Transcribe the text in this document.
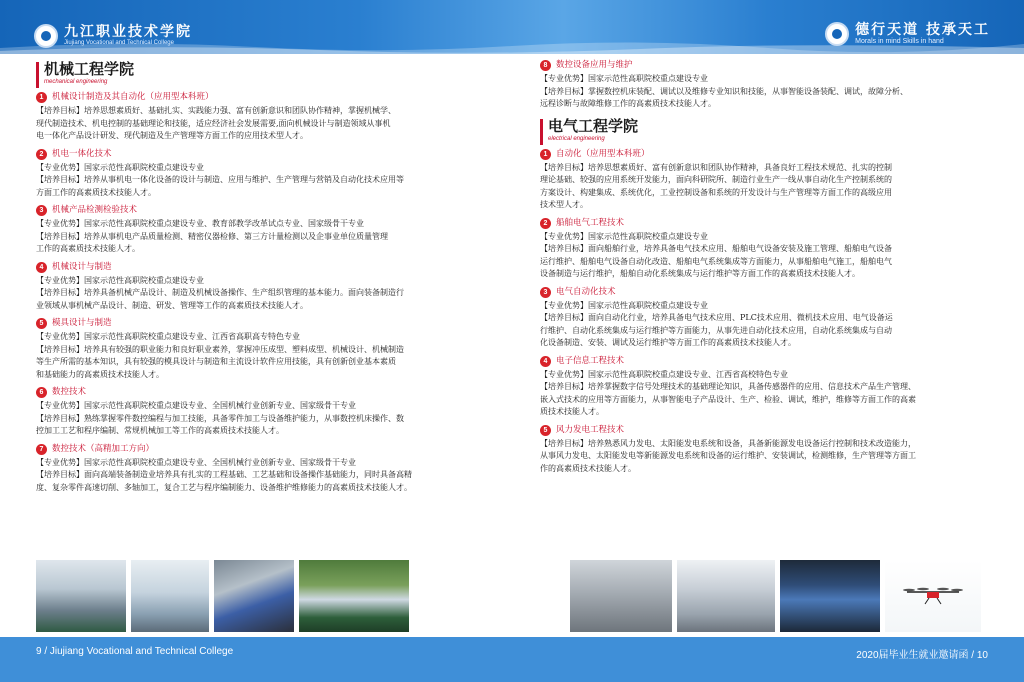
九江职业技术学院
Jiujiang Vocational and Technical College
德行天道 技承天工
Morals in mind Skills in hand
机械工程学院
mechanical engineering
1	机械设计制造及其自动化（应用型本科班）
【培养目标】培养思想素质好、基础扎实、实践能力强、富有创新意识和团队协作精神，掌握机械学、
现代制造技术、机电控制的基础理论和技能，适应经济社会发展需要,面向机械设计与制造领域从事机
电一体化产品设计研发、现代制造及生产管理等方面工作的应用技术型人才。
2	机电一体化技术
【专业优势】国家示范性高职院校重点建设专业
【培养目标】培养从事机电一体化设备的设计与制造、应用与维护、生产管理与营销及自动化技术应用等
方面工作的高素质技术技能人才。
3	机械产品检测检验技术
【专业优势】国家示范性高职院校重点建设专业、教育部教学改革试点专业、国家级骨干专业
【培养目标】培养从事机电产品质量检测、精密仪器检修、第三方计量检测以及企事业单位质量管理
工作的高素质技术技能人才。
4	机械设计与制造
【专业优势】国家示范性高职院校重点建设专业
【培养目标】培养具备机械产品设计、制造及机械设备操作、生产组织管理的基本能力。面向装备制造行
业领域从事机械产品设计、制造、研发、管理等工作的高素质技术技能人才。
5	模具设计与制造
【专业优势】国家示范性高职院校重点建设专业、江西省高职高专特色专业
【培养目标】培养具有较强的职业能力和良好职业素养，掌握冲压成型、塑料成型、机械设计、机械制造
等生产所需的基本知识，具有较强的模具设计与制造和主流设计软件应用技能，具有创新创业基本素质
和基础能力的高素质技术技能人才。
6	数控技术
【专业优势】国家示范性高职院校重点建设专业、全国机械行业创新专业、国家级骨干专业
【培养目标】熟练掌握零件数控编程与加工技能，具备零件加工与设备维护能力，从事数控机床操作、数
控加工工艺和程序编制、常规机械加工等工作的高素质技术技能人才。
7	数控技术（高精加工方向）
【专业优势】国家示范性高职院校重点建设专业、全国机械行业创新专业、国家级骨干专业
【培养目标】面向高端装备制造业培养具有扎实的工程基础、工艺基础和设备操作基础能力，同时具备高精
度、复杂零件高速切削、多轴加工，复合工艺与程序编制能力、设备维护维修能力的高素质技术技能人才。
8	数控设备应用与维护
【专业优势】国家示范性高职院校重点建设专业
【培养目标】掌握数控机床装配、调试以及维修专业知识和技能，从事智能设备装配、调试，故障分析、
远程诊断与故障维修工作的高素质技术技能人才。
电气工程学院
electrical engineering
1	自动化（应用型本科班）
【培养目标】培养思想素质好、富有创新意识和团队协作精神，具备良好工程技术规范、扎实的控制
理论基础、较强的应用系统开发能力，面向科研院所、制造行业生产一线从事自动化生产控制系统的
方案设计、构建集成、系统优化，工业控制设备和系统的开发设计与生产管理等方面工作的高级应用
技术型人才。
2	船舶电气工程技术
【专业优势】国家示范性高职院校重点建设专业
【培养目标】面向船舶行业，培养具备电气技术应用、船舶电气设备安装及施工管理、船舶电气设备
运行维护、船舶电气设备自动化改造、船舶电气系统集成等方面能力，从事船舶电气施工，船舶电气
设备制造与运行维护，船舶自动化系统集成与运行维护等方面工作的高素质技术技能人才。
3	电气自动化技术
【专业优势】国家示范性高职院校重点建设专业
【培养目标】面向自动化行业，培养具备电气技术应用、PLC技术应用、微机技术应用、电气设备运
行维护、自动化系统集成与运行维护等方面能力，从事先进自动化技术应用，自动化系统集成与自动
化设备制造、安装、调试及运行维护等方面工作的高素质技术技能人才。
4	电子信息工程技术
【专业优势】国家示范性高职院校重点建设专业、江西省高校特色专业
【培养目标】培养掌握数字信号处理技术的基础理论知识，具备传感器件的应用、信息技术产品生产管理、
嵌入式技术的应用等方面能力，从事智能电子产品设计、生产、检验、调试，维护，维修等方面工作的高素
质技术技能人才。
5	风力发电工程技术
【培养目标】培养熟悉风力发电、太阳能发电系统和设备，具备新能源发电设备运行控制和技术改造能力，
从事风力发电、太阳能发电等新能源发电系统和设备的运行维护、安装调试，检测维修，生产管理等方面工
作的高素质技术技能人才。
9 / Jiujiang Vocational and Technical College	2020届毕业生就业邀请函 / 10
